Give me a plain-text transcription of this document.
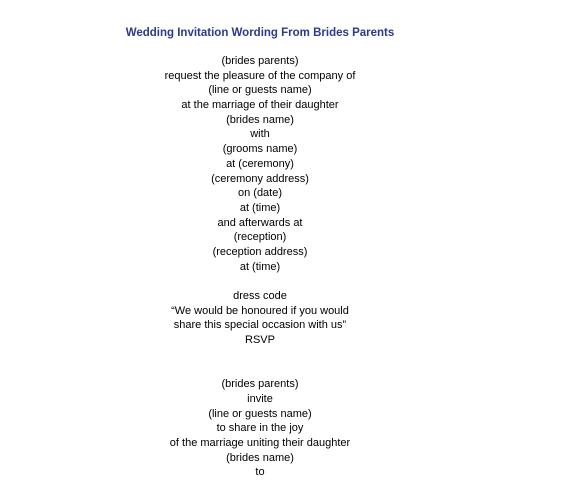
Wedding Invitation Wording From Brides Parents
(brides parents)
request the pleasure of the company of
(line or guests name)
at the marriage of their daughter
(brides name)
with
(grooms name)
at (ceremony)
(ceremony address)
on (date)
at (time)
and afterwards at
(reception)
(reception address)
at (time)
dress code
“We would be honoured if you would
share this special occasion with us”
RSVP
(brides parents)
invite
(line or guests name)
to share in the joy
of the marriage uniting their daughter
(brides name)
to
